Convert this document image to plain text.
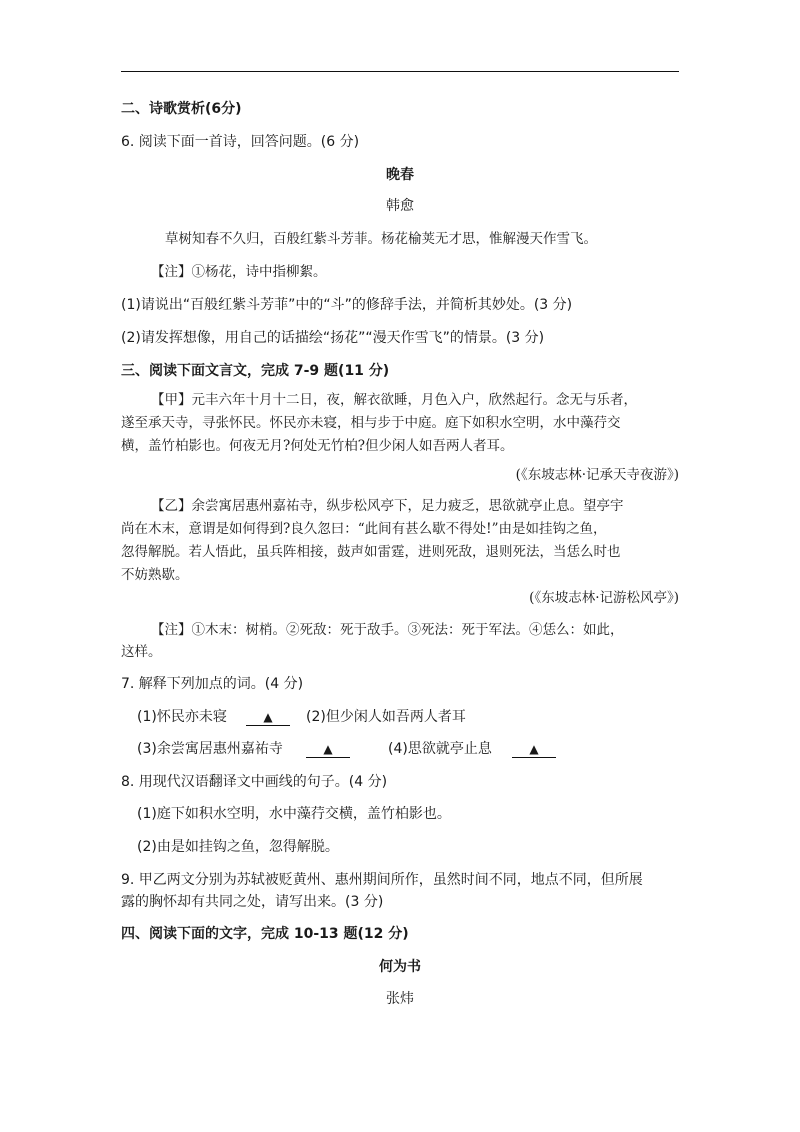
二、诗歌赏析(6分)
6. 阅读下面一首诗，回答问题。(6 分)
晚春
韩愈
草树知春不久归，百般红紫斗芳菲。杨花榆荚无才思，惟解漫天作雪飞。
【注】①杨花，诗中指柳絮。
(1)请说出“百般红紫斗芳菲”中的“斗”的修辞手法，并简析其妙处。(3 分)
(2)请发挥想像，用自己的话描绘“扬花”“漫天作雪飞”的情景。(3 分)
三、阅读下面文言文，完成 7-9 题(11 分)
【甲】元丰六年十月十二日，夜，解衣欲睡，月色入户，欣然起行。念无与乐者，
遂至承天寺，寻张怀民。怀民亦未寝，相与步于中庭。庭下如积水空明，水中藻荇交
横，盖竹柏影也。何夜无月?何处无竹柏?但少闲人如吾两人者耳。
(《东坡志林·记承天寺夜游》)
【乙】余尝寓居惠州嘉祐寺，纵步松风亭下，足力疲乏，思欲就亭止息。望亭宇
尚在木末，意谓是如何得到?良久忽曰：“此间有甚么歇不得处!”由是如挂钩之鱼，
忽得解脱。若人悟此，虽兵阵相接，鼓声如雷霆，进则死敌，退则死法，当恁么时也
不妨熟歇。
(《东坡志林·记游松风亭》)
【注】①木末：树梢。②死敌：死于敌手。③死法：死于军法。④恁么：如此，
这样。
7. 解释下列加点的词。(4 分)
(1)怀民亦未寝	▲	(2)但少闲人如吾两人者耳
(3)余尝寓居惠州嘉祐寺	▲	(4)思欲就亭止息	▲
8. 用现代汉语翻译文中画线的句子。(4 分)
(1)庭下如积水空明，水中藻荇交横，盖竹柏影也。
(2)由是如挂钩之鱼，忽得解脱。
9. 甲乙两文分别为苏轼被贬黄州、惠州期间所作，虽然时间不同，地点不同，但所展
露的胸怀却有共同之处，请写出来。(3 分)
四、阅读下面的文字，完成 10-13 题(12 分)
何为书
张炜
